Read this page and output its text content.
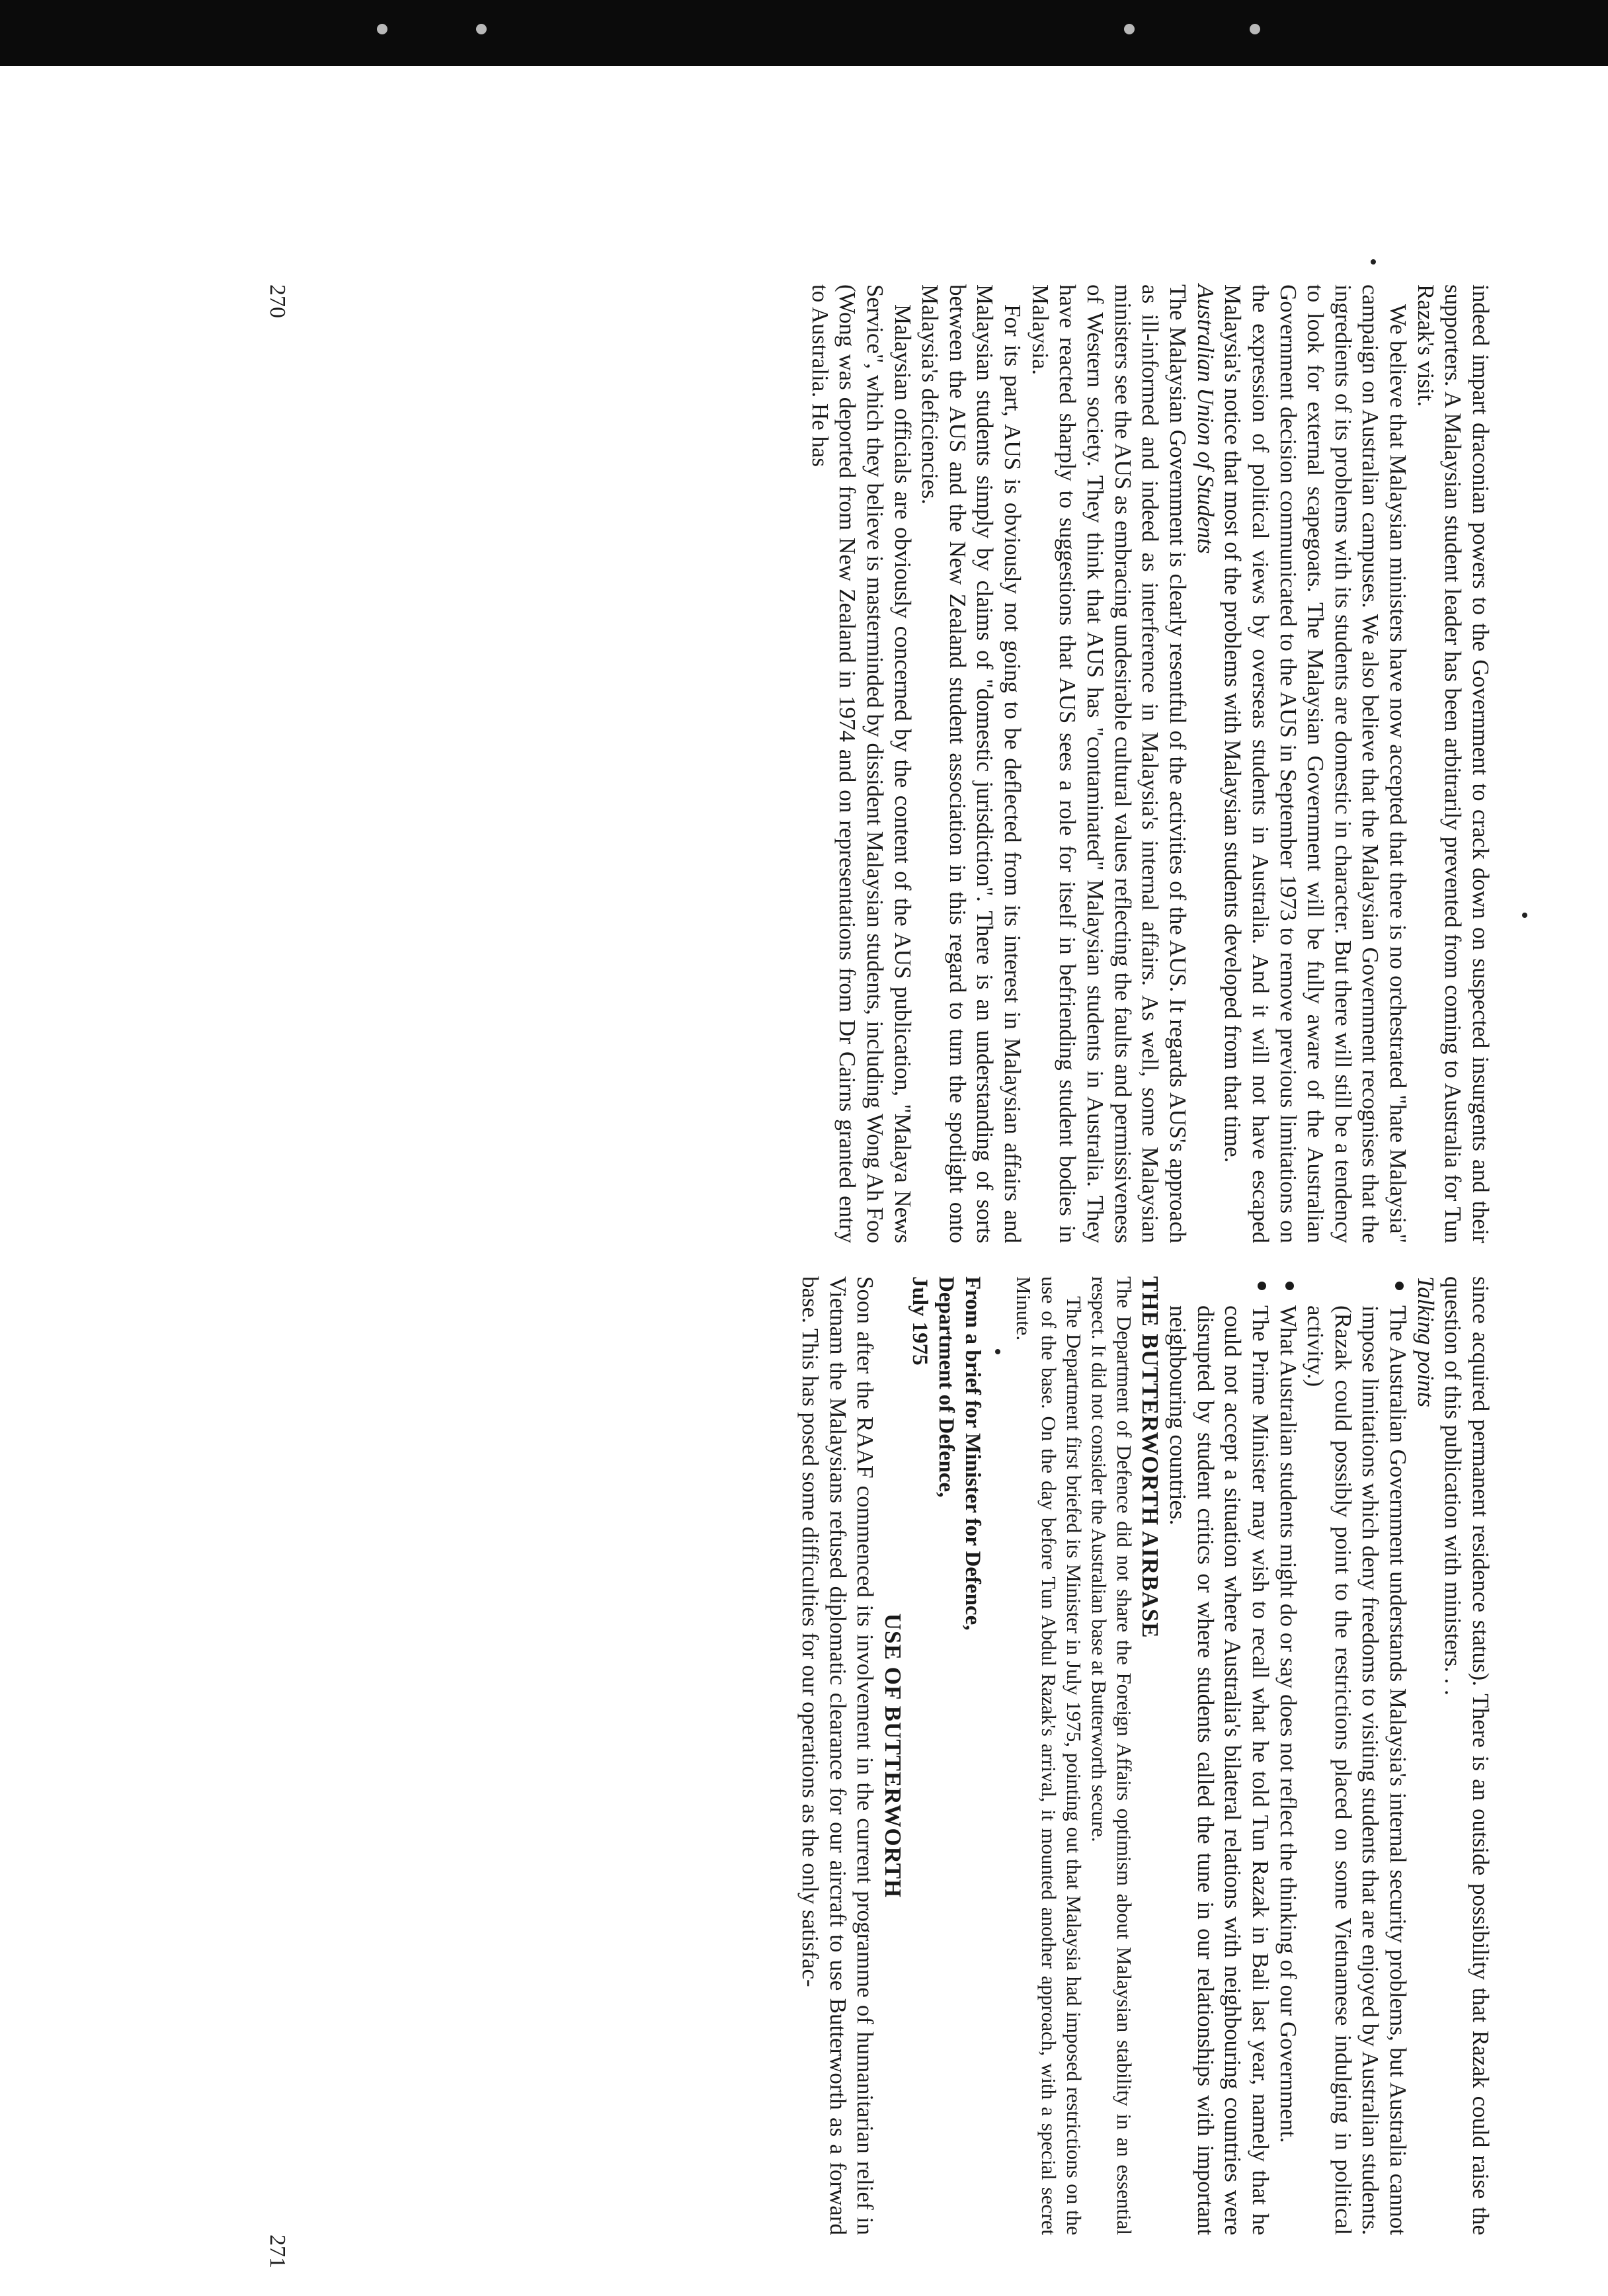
indeed impart draconian powers to the Government to crack down on suspected insurgents and their supporters. A Malaysian student leader has been arbitrarily prevented from coming to Australia for Tun Razak's visit.

We believe that Malaysian ministers have now accepted that there is no orchestrated "hate Malaysia" campaign on Australian campuses. We also believe that the Malaysian Government recognises that the ingredients of its problems with its students are domestic in character. But there will still be a tendency to look for external scapegoats. The Malaysian Government will be fully aware of the Australian Government decision communicated to the AUS in September 1973 to remove previous limitations on the expression of political views by overseas students in Australia. And it will not have escaped Malaysia's notice that most of the problems with Malaysian students developed from that time.

Australian Union of Students

The Malaysian Government is clearly resentful of the activities of the AUS. It regards AUS's approach as ill-informed and indeed as interference in Malaysia's internal affairs. As well, some Malaysian ministers see the AUS as embracing undesirable cultural values reflecting the faults and permissiveness of Western society. They think that AUS has "contaminated" Malaysian students in Australia. They have reacted sharply to suggestions that AUS sees a role for itself in befriending student bodies in Malaysia.

For its part, AUS is obviously not going to be deflected from its interest in Malaysian affairs and Malaysian students simply by claims of "domestic jurisdiction". There is an understanding of sorts between the AUS and the New Zealand student association in this regard to turn the spotlight onto Malaysia's deficiencies.

Malaysian officials are obviously concerned by the content of the AUS publication, "Malaya News Service", which they believe is masterminded by dissident Malaysian students, including Wong Ah Foo (Wong was deported from New Zealand in 1974 and on representations from Dr Cairns granted entry to Australia. He has

270

since acquired permanent residence status). There is an outside possibility that Razak could raise the question of this publication with ministers. . .

Talking points

The Australian Government understands Malaysia's internal security problems, but Australia cannot impose limitations which deny freedoms to visiting students that are enjoyed by Australian students. (Razak could possibly point to the restrictions placed on some Vietnamese indulging in political activity.)
What Australian students might do or say does not reflect the thinking of our Government.
The Prime Minister may wish to recall what he told Tun Razak in Bali last year, namely that he could not accept a situation where Australia's bilateral relations with neighbouring countries were disrupted by student critics or where students called the tune in our relationships with important neighbouring countries.

THE BUTTERWORTH AIRBASE

The Department of Defence did not share the Foreign Affairs optimism about Malaysian stability in an essential respect. It did not consider the Australian base at Butterworth secure.

The Department first briefed its Minister in July 1975, pointing out that Malaysia had imposed restrictions on the use of the base. On the day before Tun Abdul Razak's arrival, it mounted another approach, with a special secret Minute.

From a brief for Minister for Defence,
Department of Defence,
July 1975

USE OF BUTTERWORTH

Soon after the RAAF commenced its involvement in the current programme of humanitarian relief in Vietnam the Malaysians refused diplomatic clearance for our aircraft to use Butterworth as a forward base. This has posed some difficulties for our operations as the only satisfac-

271
